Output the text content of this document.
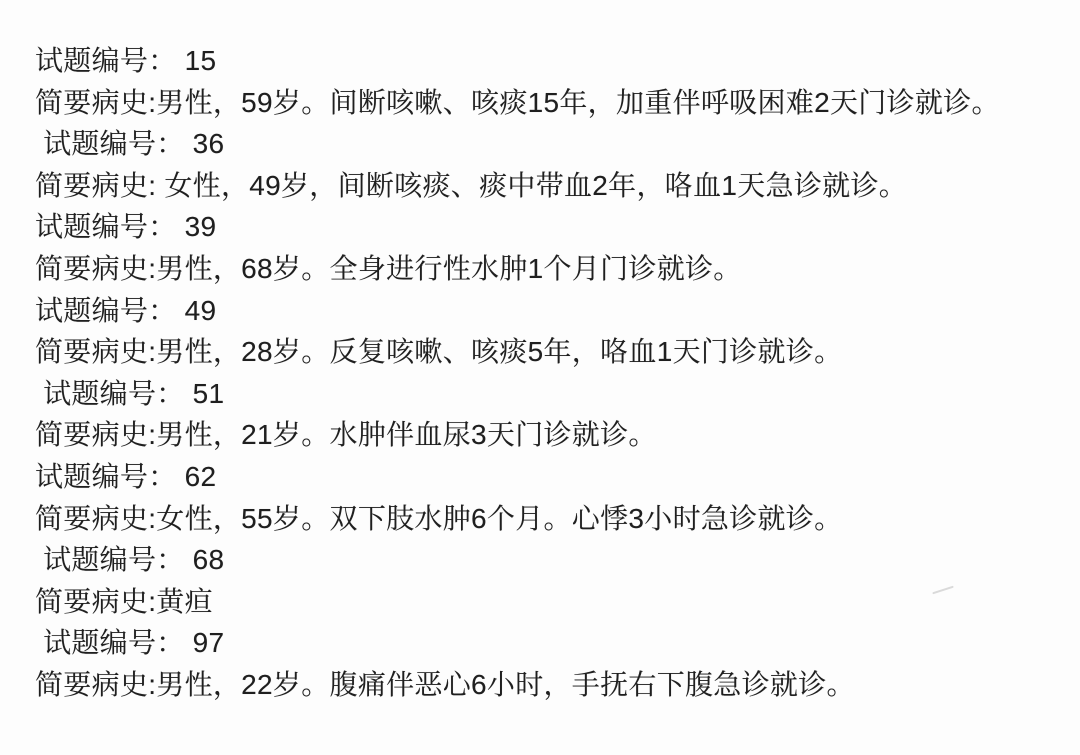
试题编号： 15
简要病史:男性，59岁。间断咳嗽、咳痰15年，加重伴呼吸困难2天门诊就诊。
试题编号： 36
简要病史: 女性，49岁，间断咳痰、痰中带血2年，咯血1天急诊就诊。
试题编号： 39
简要病史:男性，68岁。全身进行性水肿1个月门诊就诊。
试题编号： 49
简要病史:男性，28岁。反复咳嗽、咳痰5年，咯血1天门诊就诊。
试题编号： 51
简要病史:男性，21岁。水肿伴血尿3天门诊就诊。
试题编号： 62
简要病史:女性，55岁。双下肢水肿6个月。心悸3小时急诊就诊。
试题编号： 68
简要病史:黄疸
试题编号： 97
简要病史:男性，22岁。腹痛伴恶心6小时，手抚右下腹急诊就诊。
